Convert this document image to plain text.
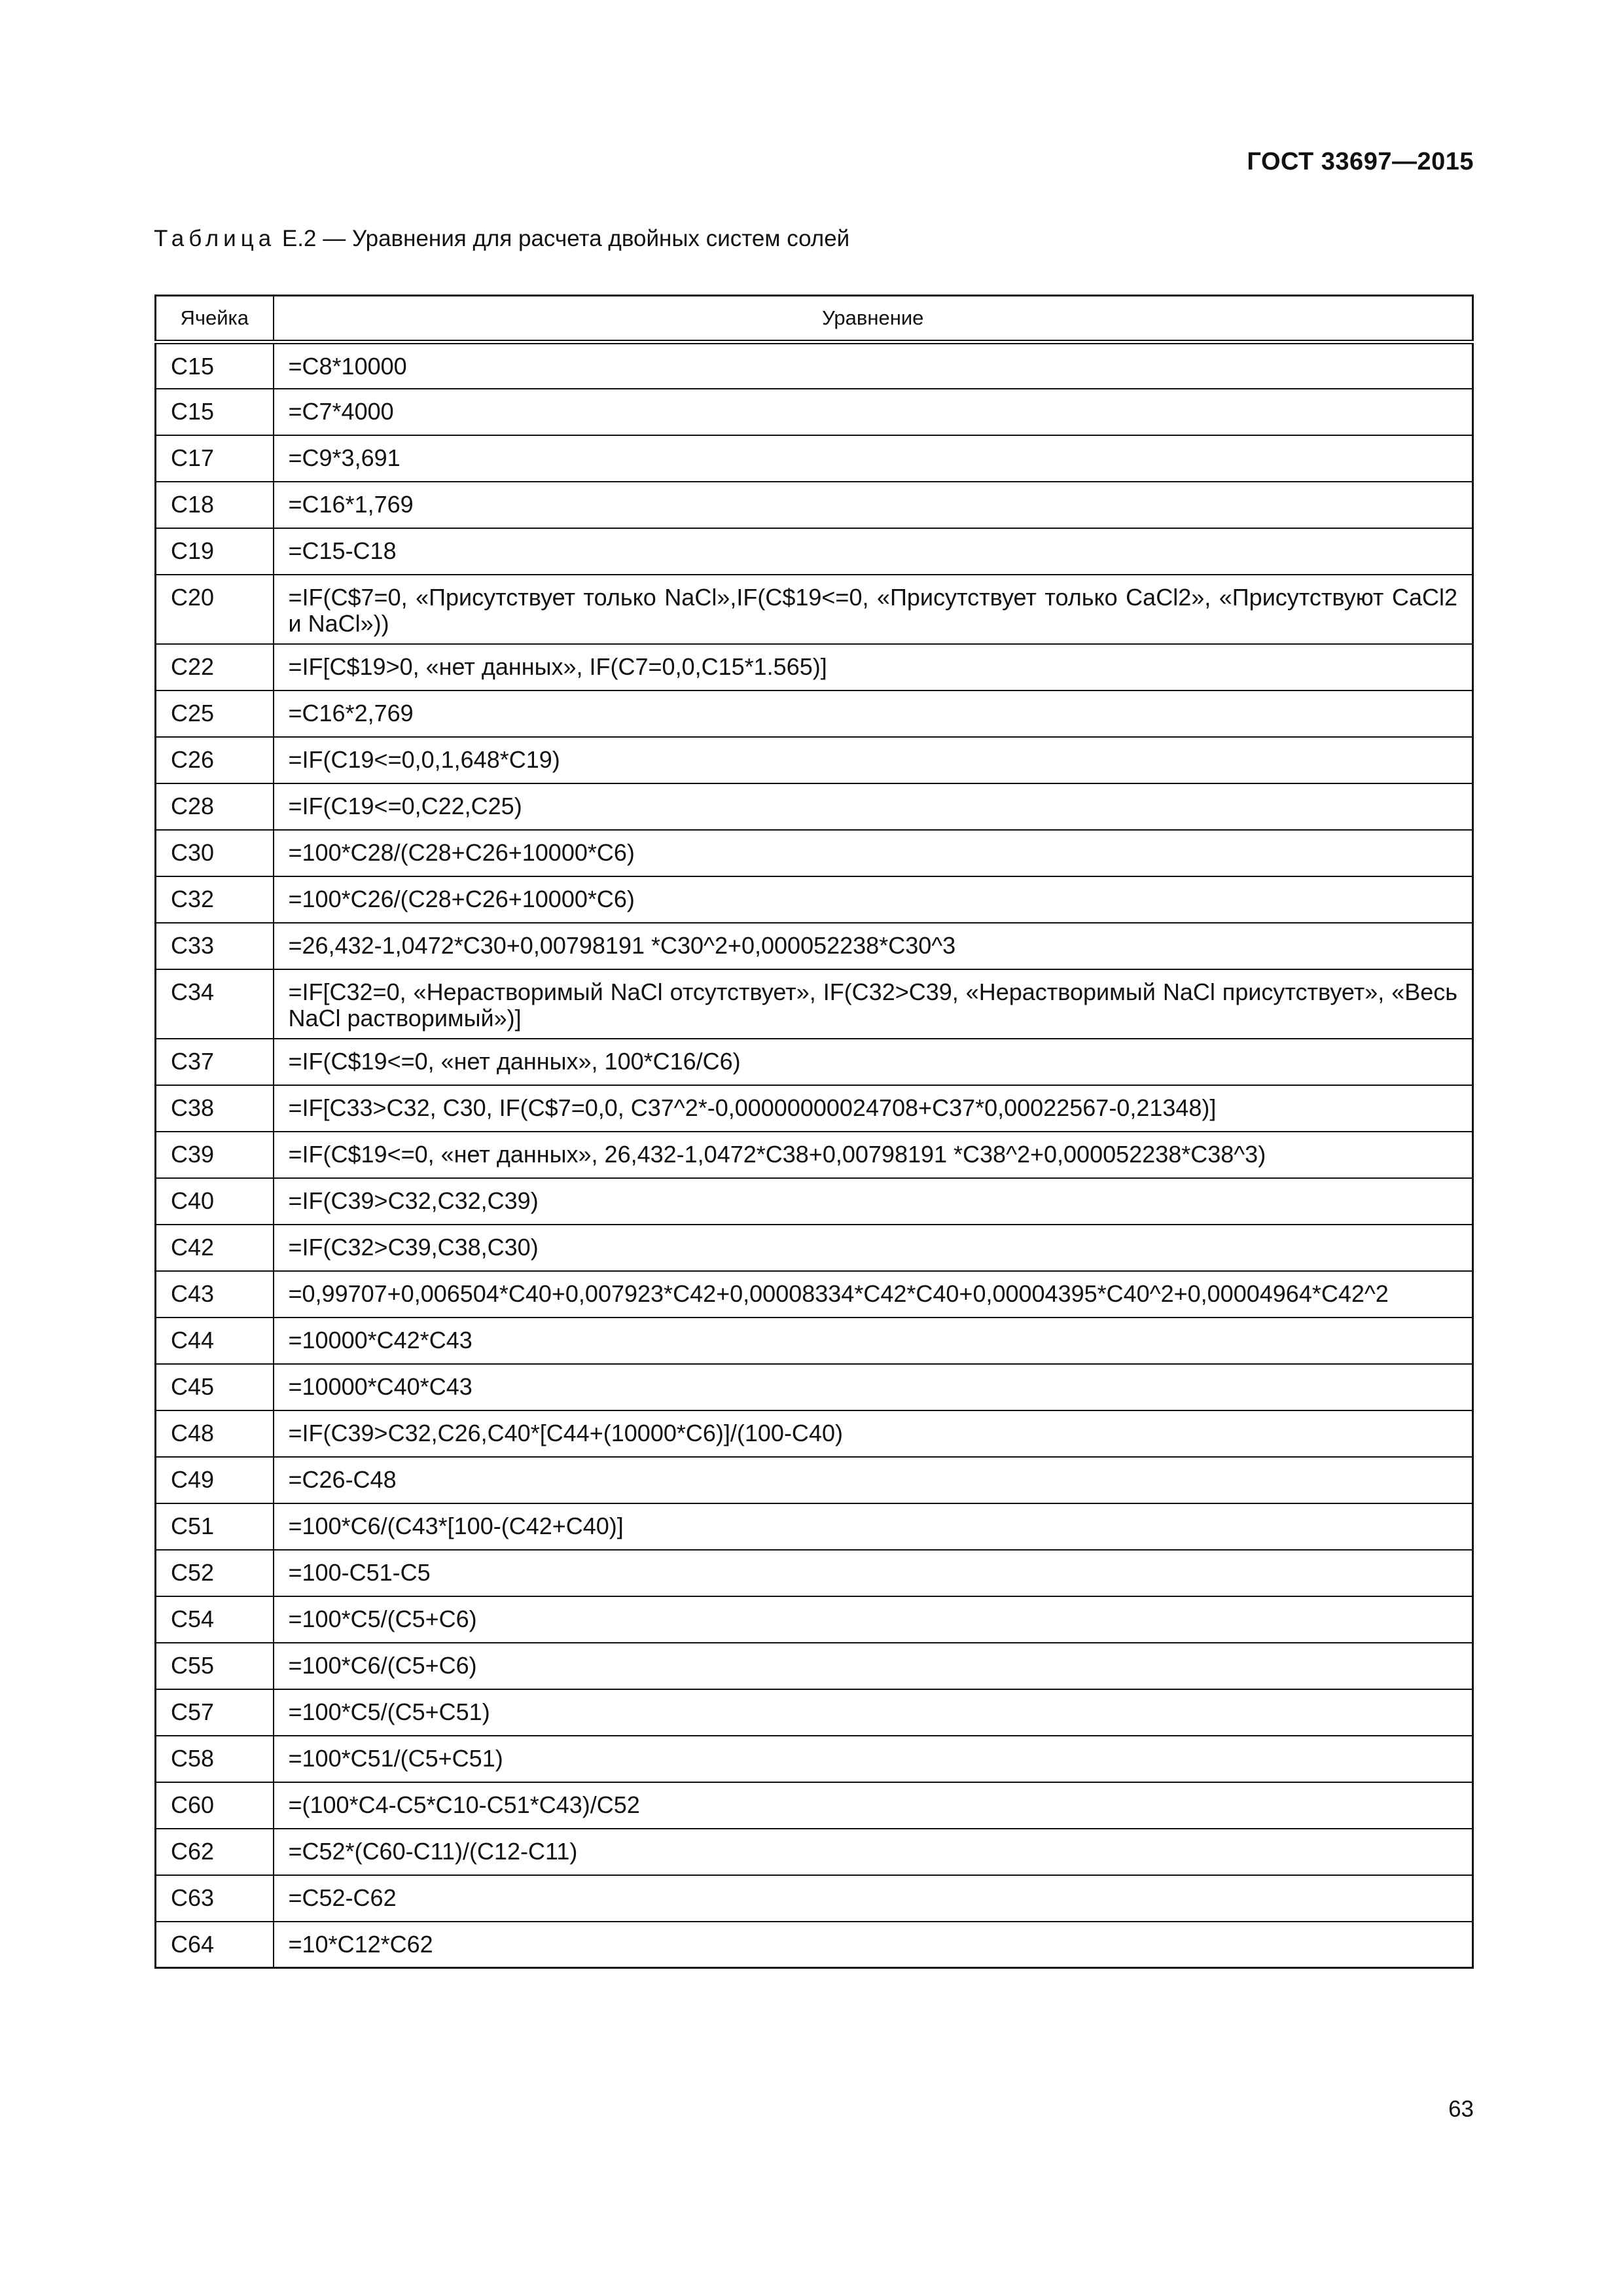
ГОСТ 33697—2015
Таблица Е.2 — Уравнения для расчета двойных систем солей
Ячейка	Уравнение
С15	=C8*10000
С15	=C7*4000
С17	=C9*3,691
С18	=C16*1,769
С19	=C15-C18
С20	=IF(C$7=0, «Присутствует только NaCl»,IF(C$19<=0, «Присутствует только CaCl2», «Присутствуют CaCl2 и NaCl»))
С22	=IF[C$19>0, «нет данных», IF(C7=0,0,C15*1.565)]
С25	=C16*2,769
С26	=IF(C19<=0,0,1,648*C19)
С28	=IF(C19<=0,C22,C25)
С30	=100*C28/(C28+C26+10000*C6)
С32	=100*C26/(C28+C26+10000*C6)
С33	=26,432-1,0472*C30+0,00798191 *C30^2+0,000052238*C30^3
С34	=IF[C32=0, «Нерастворимый NaCl отсутствует», IF(C32>C39, «Нерастворимый NaCl присутствует», «Весь NaCl растворимый»)]
С37	=IF(C$19<=0, «нет данных», 100*C16/C6)
С38	=IF[C33>C32, C30, IF(C$7=0,0, C37^2*-0,00000000024708+C37*0,00022567-0,21348)]
С39	=IF(C$19<=0, «нет данных», 26,432-1,0472*C38+0,00798191 *C38^2+0,000052238*C38^3)
С40	=IF(C39>C32,C32,C39)
С42	=IF(C32>C39,C38,C30)
С43	=0,99707+0,006504*C40+0,007923*C42+0,00008334*C42*C40+0,00004395*C40^2+0,00004964*C42^2
С44	=10000*C42*C43
С45	=10000*C40*C43
С48	=IF(C39>C32,C26,C40*[C44+(10000*C6)]/(100-C40)
С49	=C26-C48
С51	=100*C6/(C43*[100-(C42+C40)]
С52	=100-C51-C5
С54	=100*C5/(C5+C6)
С55	=100*C6/(C5+C6)
С57	=100*C5/(C5+C51)
С58	=100*C51/(C5+C51)
С60	=(100*C4-C5*C10-C51*C43)/C52
С62	=C52*(C60-C11)/(C12-C11)
С63	=C52-C62
С64	=10*C12*C62
63
